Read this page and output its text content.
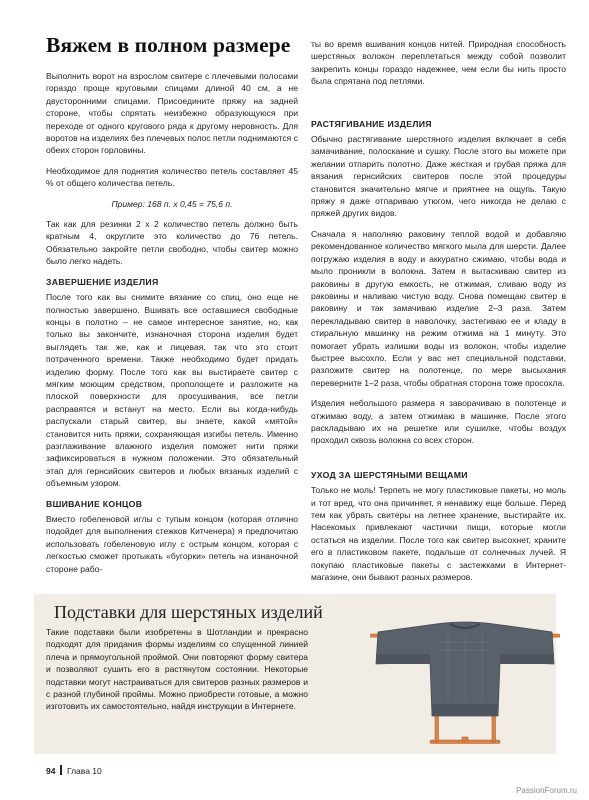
Вяжем в полном размере

Выполнить ворот на взрослом свитере с плечевыми полосами гораздо проще круговыми спицами длиной 40 см, а не двусторонними спицами. Присоедините пряжу на задней стороне, чтобы спрятать неизбежно образующуюся при переходе от одного кругового ряда к другому неровность. Для воротов на изделиях без плечевых полос петли поднимаются с обеих сторон горловины.

Необходимое для поднятия количество петель составляет 45 % от общего количества петель.

Пример: 168 п. х 0,45 = 75,6 п.

Так как для резинки 2 х 2 количество петель должно быть кратным 4, округлите это количество до 76 петель. Обязательно закройте петли свободно, чтобы свитер можно было легко надеть.

ЗАВЕРШЕНИЕ ИЗДЕЛИЯ

После того как вы снимите вязание со спиц, оно еще не полностью завершено. Вшивать все оставшиеся свободные концы в полотно – не самое интересное занятие, но, как только вы закончите, изнаночная сторона изделия будет выглядеть так же, как и лицевая, так что это стоит потраченного времени. Также необходимо будет придать изделию форму. После того как вы выстираете свитер с мягким моющим средством, прополощете и разложите на плоской поверхности для просушивания, все петли расправятся и встанут на место. Если вы когда-нибудь распускали старый свитер, вы знаете, какой «мятой» становится нить пряжи, сохраняющая изгибы петель. Именно разглаживание влажного изделия поможет нити пряжи зафиксироваться в нужном положении. Это обязательный этап для гернсийских свитеров и любых вязаных изделий с объемным узором.

ВШИВАНИЕ КОНЦОВ

Вместо гобеленовой иглы с тупым концом (которая отлично подойдет для выполнения стежков Китченера) я предпочитаю использовать гобеленовую иглу с острым концом, которая с легкостью сможет протыкать «бугорки» петель на изнаночной стороне рабо-

ты во время вшивания концов нитей. Природная способность шерстяных волокон переплетаться между собой позволит закрепить концы гораздо надежнее, чем если бы нить просто была спрятана под петлями.

РАСТЯГИВАНИЕ ИЗДЕЛИЯ

Обычно растягивание шерстяного изделия включает в себя замачивание, полоскание и сушку. После этого вы можете при желании отпарить полотно. Даже жесткая и грубая пряжа для вязания гернсийских свитеров после этой процедуры становится значительно мягче и приятнее на ощупь. Такую пряжу я даже отпариваю утюгом, чего никогда не делаю с пряжей других видов.

Сначала я наполняю раковину теплой водой и добавляю рекомендованное количество мягкого мыла для шерсти. Далее погружаю изделия в воду и аккуратно сжимаю, чтобы вода и мыло проникли в волокна. Затем я вытаскиваю свитер из раковины в другую емкость, не отжимая, сливаю воду из раковины и наливаю чистую воду. Снова помещаю свитер в раковину и так замачиваю изделие 2–3 раза. Затем перекладываю свитер в наволочку, застегиваю ее и кладу в стиральную машинку на режим отжима на 1 минуту. Это помогает убрать излишки воды из волокон, чтобы изделие быстрее высохло. Если у вас нет специальной подставки, разложите свитер на полотенце, по мере высыхания переверните 1–2 раза, чтобы обратная сторона тоже просохла.

Изделия небольшого размера я заворачиваю в полотенце и отжимаю воду, а затем отжимаю в машинке. После этого раскладываю их на решетке или сушилке, чтобы воздух проходил сквозь волокна со всех сторон.

УХОД ЗА ШЕРСТЯНЫМИ ВЕЩАМИ

Только не моль! Терпеть не могу пластиковые пакеты, но моль и тот вред, что она причиняет, я ненавижу еще больше. Перед тем как убрать свитеры на летнее хранение, выстирайте их. Насекомых привлекают частички пищи, которые могли остаться на изделии. После того как свитер высохнет, храните его в пластиковом пакете, подальше от солнечных лучей. Я покупаю пластиковые пакеты с застежками в Интернет-магазине, они бывают разных размеров.

Подставки для шерстяных изделий

Такие подставки были изобретены в Шотландии и прекрасно подходят для придания формы изделиям со спущенной линией плеча и прямоугольной проймой. Они повторяют форму свитера и позволяют сушить его в растянутом состоянии. Некоторые подставки могут настраиваться для свитеров разных размеров и с разной глубиной проймы. Можно приобрести готовые, а можно изготовить их самостоятельно, найдя инструкции в Интернете.

94 Глава 10
PassionForum.ru
